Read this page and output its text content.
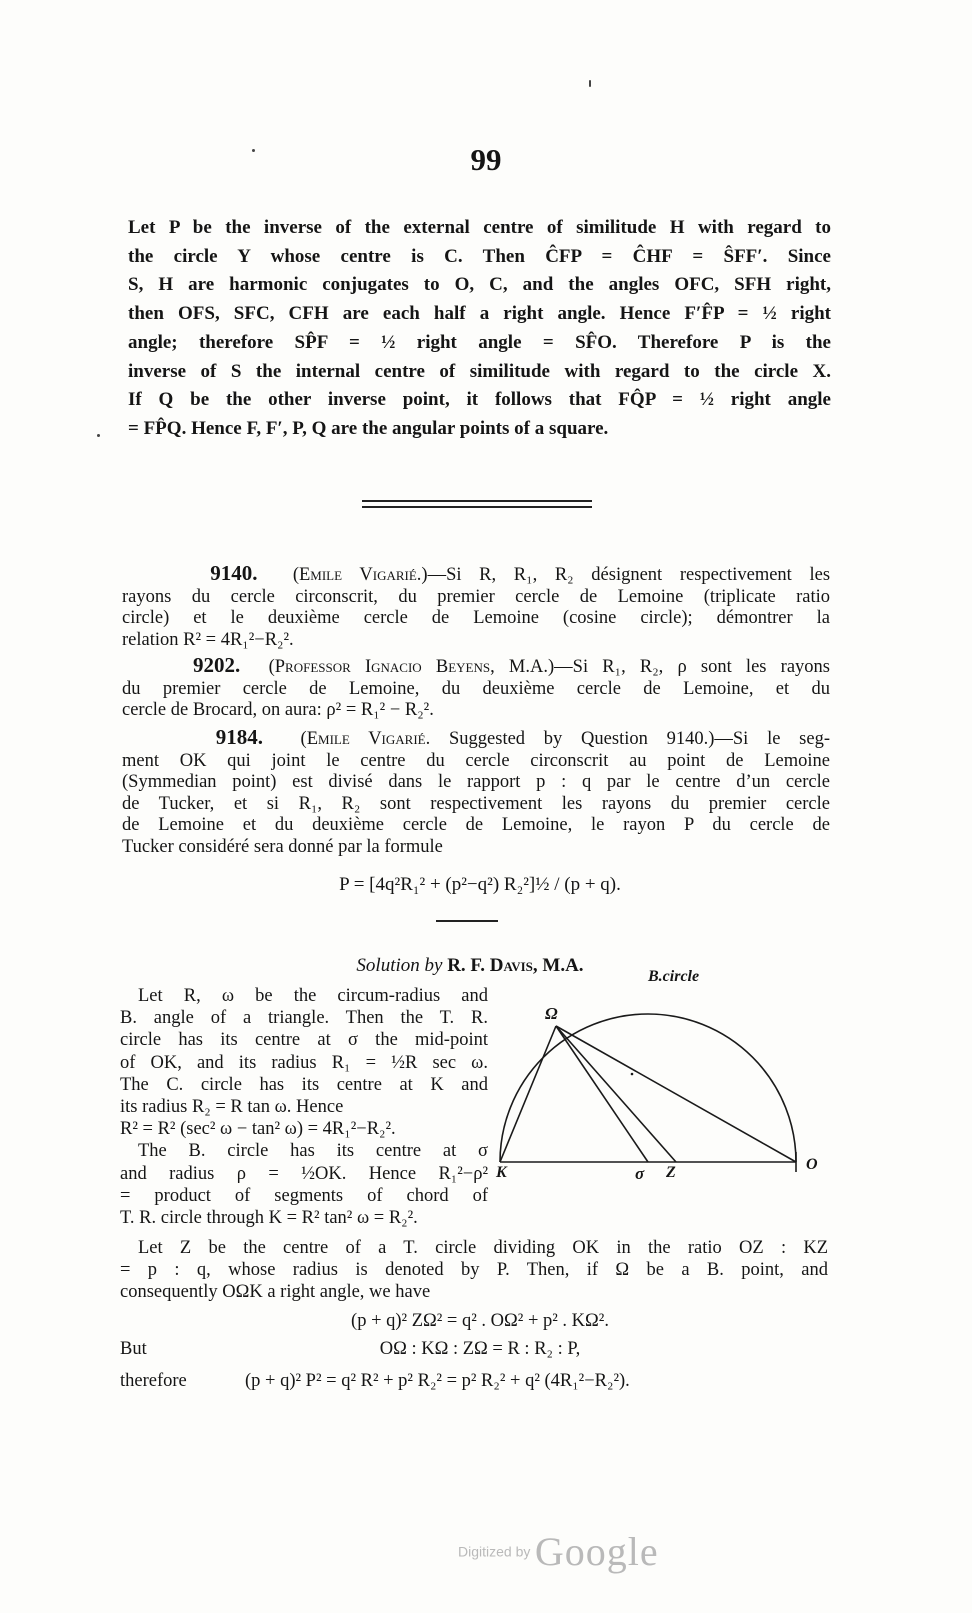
99
Let P be the inverse of the external centre of similitude H with regard to
the circle Y whose centre is C. Then ĈFP = ĈHF = ŜFF′. Since
S, H are harmonic conjugates to O, C, and the angles OFC, SFH right,
then OFS, SFC, CFH are each half a right angle. Hence F′F̂P = ½ right
angle; therefore SP̂F = ½ right angle = SF̂O. Therefore P is the
inverse of S the internal centre of similitude with regard to the circle X.
If Q be the other inverse point, it follows that FQ̂P = ½ right angle
= FP̂Q. Hence F, F′, P, Q are the angular points of a square.
9140. (Emile Vigarié.)—Si R, R₁, R₂ désignent respectivement les
rayons du cercle circonscrit, du premier cercle de Lemoine (triplicate ratio
circle) et le deuxième cercle de Lemoine (cosine circle); démontrer la
relation R² = 4R₁²−R₂².
9202. (Professor Ignacio Beyens, M.A.)—Si R₁, R₂, ρ sont les rayons
du premier cercle de Lemoine, du deuxième cercle de Lemoine, et du
cercle de Brocard, on aura: ρ² = R₁² − R₂².
9184. (Emile Vigarié. Suggested by Question 9140.)—Si le seg-
ment OK qui joint le centre du cercle circonscrit au point de Lemoine
(Symmedian point) est divisé dans le rapport p : q par le centre d’un cercle
de Tucker, et si R₁, R₂ sont respectivement les rayons du premier cercle
de Lemoine et du deuxième cercle de Lemoine, le rayon P du cercle de
Tucker considéré sera donné par la formule
P = [4q²R₁² + (p²−q²) R₂²]½ / (p + q).
Solution by R. F. Davis, M.A.
Let R, ω be the circum-radius and
B. angle of a triangle. Then the T. R.
circle has its centre at σ the mid-point
of OK, and its radius R₁ = ½R sec ω.
The C. circle has its centre at K and
its radius R₂ = R tan ω. Hence
R² = R² (sec² ω − tan² ω) = 4R₁²−R₂².
The B. circle has its centre at σ
and radius ρ = ½OK. Hence R₁²−ρ²
= product of segments of chord of
T. R. circle through K = R² tan² ω = R₂².
B.circle
Ω
K	σ Z	O
Let Z be the centre of a T. circle dividing OK in the ratio OZ : KZ
= p : q, whose radius is denoted by P. Then, if Ω be a B. point, and
consequently OΩK a right angle, we have
(p + q)² ZΩ² = q² . OΩ² + p² . KΩ².
But	OΩ : KΩ : ZΩ = R : R₂ : P,
therefore	(p + q)² P² = q² R² + p² R₂² = p² R₂² + q² (4R₁²−R₂²).
Digitized by Google
